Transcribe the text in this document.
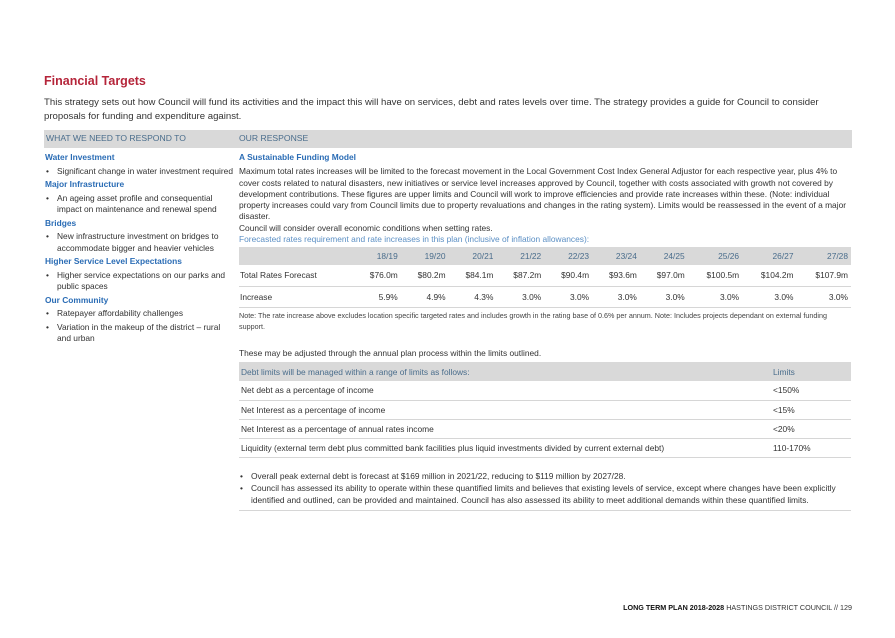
Financial Targets
This strategy sets out how Council will fund its activities and the impact this will have on services, debt and rates levels over time. The strategy provides a guide for Council to consider proposals for funding and expenditure against.
WHAT WE NEED TO RESPOND TO	OUR RESPONSE
Water Investment
• Significant change in water investment required
Major Infrastructure
• An ageing asset profile and consequential impact on maintenance and renewal spend
Bridges
• New infrastructure investment on bridges to accommodate bigger and heavier vehicles
Higher Service Level Expectations
• Higher service expectations on our parks and public spaces
Our Community
• Ratepayer affordability challenges
• Variation in the makeup of the district – rural and urban
A Sustainable Funding Model
Maximum total rates increases will be limited to the forecast movement in the Local Government Cost Index General Adjustor for each respective year, plus 4% to cover costs related to natural disasters, new initiatives or service level increases approved by Council, together with costs associated with growth not covered by development contributions. These figures are upper limits and Council will work to improve efficiencies and provide rate increases within these. (Note: individual property increases could vary from Council limits due to property revaluations and changes in the rating system). Limits would be reassessed in the event of a major disaster.
Council will consider overall economic conditions when setting rates.
Forecasted rates requirement and rate increases in this plan (inclusive of inflation allowances):
	18/19	19/20	20/21	21/22	22/23	23/24	24/25	25/26	26/27	27/28
Total Rates Forecast	$76.0m	$80.2m	$84.1m	$87.2m	$90.4m	$93.6m	$97.0m	$100.5m	$104.2m	$107.9m
Increase	5.9%	4.9%	4.3%	3.0%	3.0%	3.0%	3.0%	3.0%	3.0%	3.0%
Note: The rate increase above excludes location specific targeted rates and includes growth in the rating base of 0.6% per annum. Note: Includes projects dependant on external funding support.
These may be adjusted through the annual plan process within the limits outlined.
Debt limits will be managed within a range of limits as follows:	Limits
Net debt as a percentage of income	<150%
Net Interest as a percentage of income	<15%
Net Interest as a percentage of annual rates income	<20%
Liquidity (external term debt plus committed bank facilities plus liquid investments divided by current external debt)	110-170%
• Overall peak external debt is forecast at $169 million in 2021/22, reducing to $119 million by 2027/28.
• Council has assessed its ability to operate within these quantified limits and believes that existing levels of service, except where changes have been explicitly identified and outlined, can be provided and maintained. Council has also assessed its ability to meet additional demands within these quantified limits.
LONG TERM PLAN 2018-2028 HASTINGS DISTRICT COUNCIL // 129
